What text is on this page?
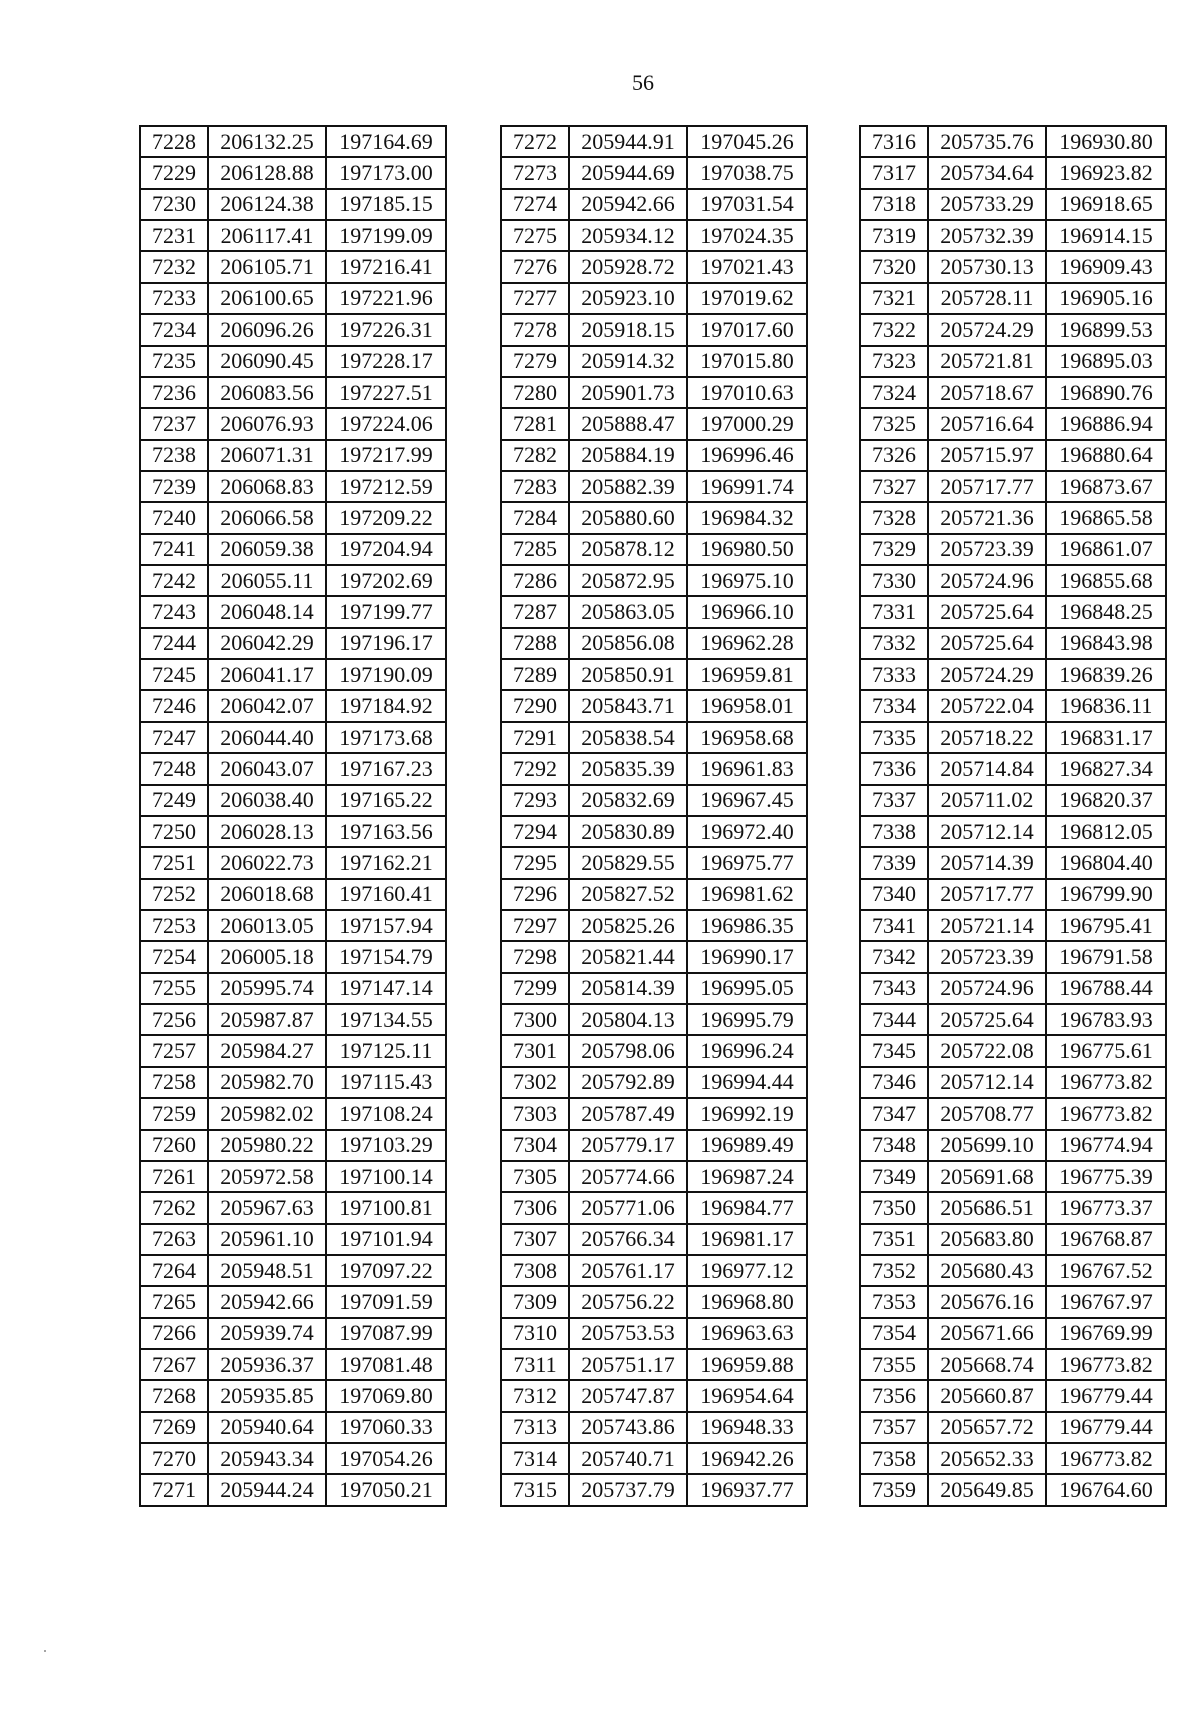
56
7228	206132.25	197164.69
7229	206128.88	197173.00
7230	206124.38	197185.15
7231	206117.41	197199.09
7232	206105.71	197216.41
7233	206100.65	197221.96
7234	206096.26	197226.31
7235	206090.45	197228.17
7236	206083.56	197227.51
7237	206076.93	197224.06
7238	206071.31	197217.99
7239	206068.83	197212.59
7240	206066.58	197209.22
7241	206059.38	197204.94
7242	206055.11	197202.69
7243	206048.14	197199.77
7244	206042.29	197196.17
7245	206041.17	197190.09
7246	206042.07	197184.92
7247	206044.40	197173.68
7248	206043.07	197167.23
7249	206038.40	197165.22
7250	206028.13	197163.56
7251	206022.73	197162.21
7252	206018.68	197160.41
7253	206013.05	197157.94
7254	206005.18	197154.79
7255	205995.74	197147.14
7256	205987.87	197134.55
7257	205984.27	197125.11
7258	205982.70	197115.43
7259	205982.02	197108.24
7260	205980.22	197103.29
7261	205972.58	197100.14
7262	205967.63	197100.81
7263	205961.10	197101.94
7264	205948.51	197097.22
7265	205942.66	197091.59
7266	205939.74	197087.99
7267	205936.37	197081.48
7268	205935.85	197069.80
7269	205940.64	197060.33
7270	205943.34	197054.26
7271	205944.24	197050.21
7272	205944.91	197045.26
7273	205944.69	197038.75
7274	205942.66	197031.54
7275	205934.12	197024.35
7276	205928.72	197021.43
7277	205923.10	197019.62
7278	205918.15	197017.60
7279	205914.32	197015.80
7280	205901.73	197010.63
7281	205888.47	197000.29
7282	205884.19	196996.46
7283	205882.39	196991.74
7284	205880.60	196984.32
7285	205878.12	196980.50
7286	205872.95	196975.10
7287	205863.05	196966.10
7288	205856.08	196962.28
7289	205850.91	196959.81
7290	205843.71	196958.01
7291	205838.54	196958.68
7292	205835.39	196961.83
7293	205832.69	196967.45
7294	205830.89	196972.40
7295	205829.55	196975.77
7296	205827.52	196981.62
7297	205825.26	196986.35
7298	205821.44	196990.17
7299	205814.39	196995.05
7300	205804.13	196995.79
7301	205798.06	196996.24
7302	205792.89	196994.44
7303	205787.49	196992.19
7304	205779.17	196989.49
7305	205774.66	196987.24
7306	205771.06	196984.77
7307	205766.34	196981.17
7308	205761.17	196977.12
7309	205756.22	196968.80
7310	205753.53	196963.63
7311	205751.17	196959.88
7312	205747.87	196954.64
7313	205743.86	196948.33
7314	205740.71	196942.26
7315	205737.79	196937.77
7316	205735.76	196930.80
7317	205734.64	196923.82
7318	205733.29	196918.65
7319	205732.39	196914.15
7320	205730.13	196909.43
7321	205728.11	196905.16
7322	205724.29	196899.53
7323	205721.81	196895.03
7324	205718.67	196890.76
7325	205716.64	196886.94
7326	205715.97	196880.64
7327	205717.77	196873.67
7328	205721.36	196865.58
7329	205723.39	196861.07
7330	205724.96	196855.68
7331	205725.64	196848.25
7332	205725.64	196843.98
7333	205724.29	196839.26
7334	205722.04	196836.11
7335	205718.22	196831.17
7336	205714.84	196827.34
7337	205711.02	196820.37
7338	205712.14	196812.05
7339	205714.39	196804.40
7340	205717.77	196799.90
7341	205721.14	196795.41
7342	205723.39	196791.58
7343	205724.96	196788.44
7344	205725.64	196783.93
7345	205722.08	196775.61
7346	205712.14	196773.82
7347	205708.77	196773.82
7348	205699.10	196774.94
7349	205691.68	196775.39
7350	205686.51	196773.37
7351	205683.80	196768.87
7352	205680.43	196767.52
7353	205676.16	196767.97
7354	205671.66	196769.99
7355	205668.74	196773.82
7356	205660.87	196779.44
7357	205657.72	196779.44
7358	205652.33	196773.82
7359	205649.85	196764.60
